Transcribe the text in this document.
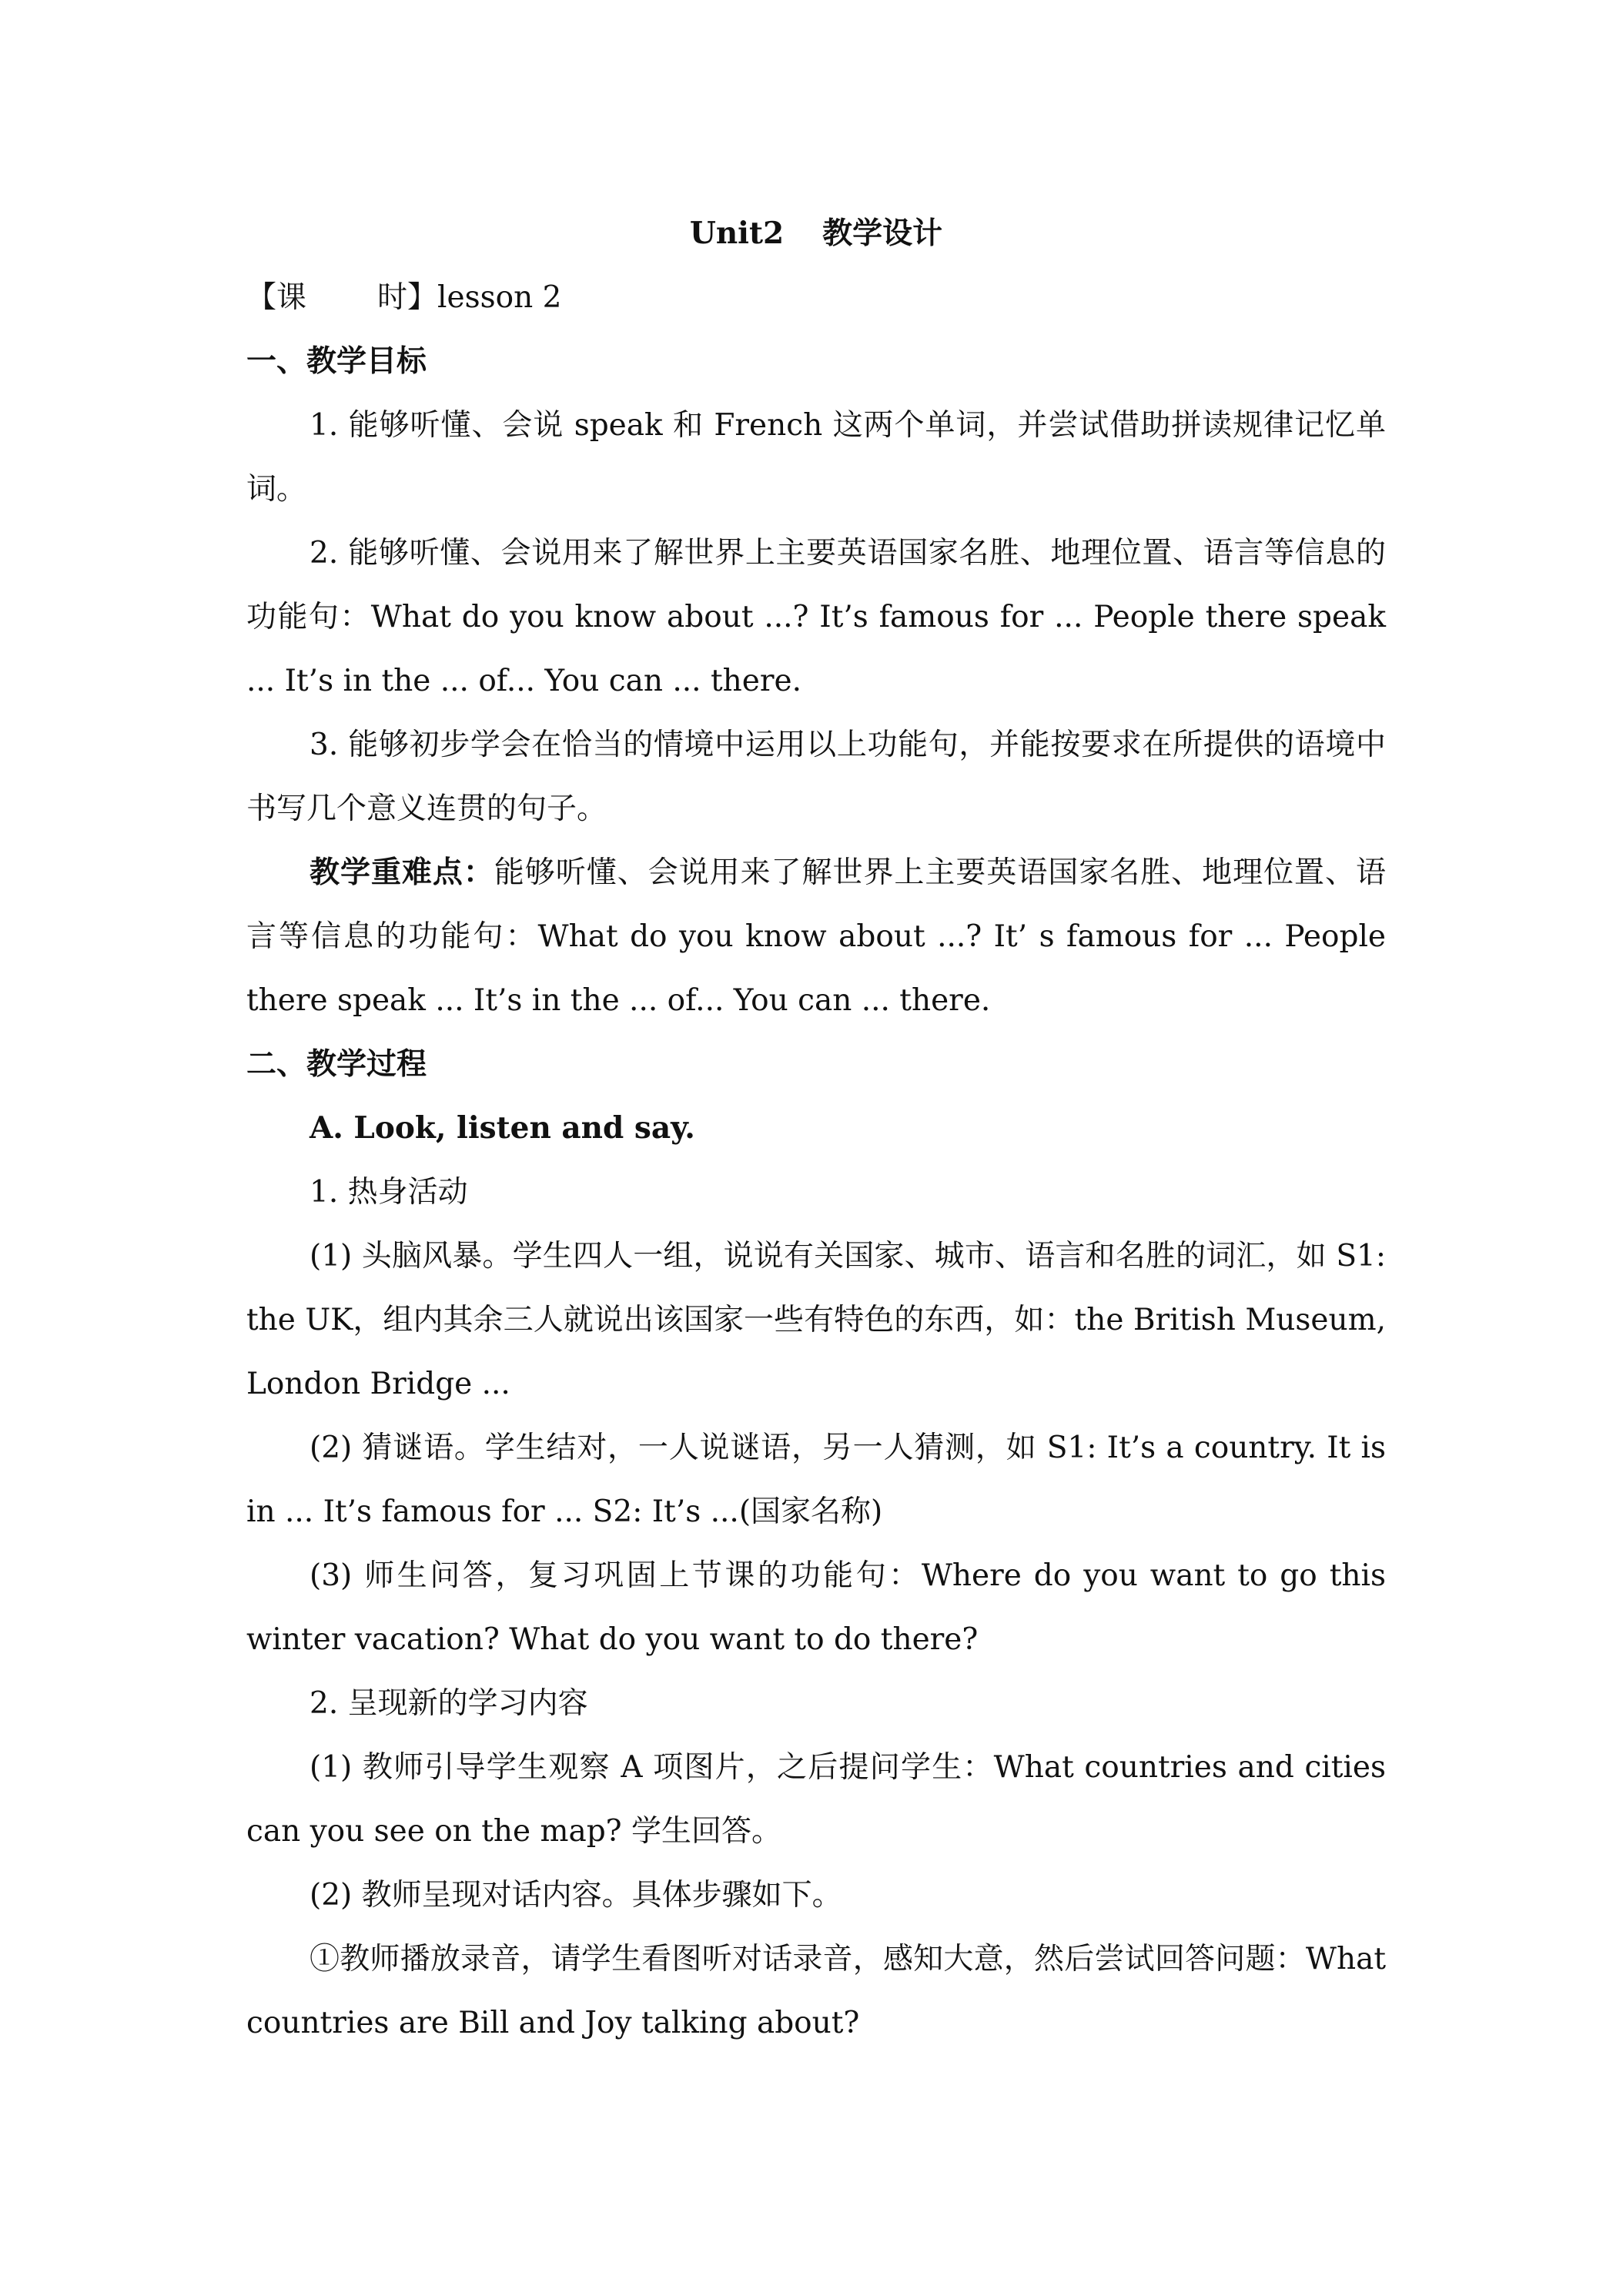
Unit2 教学设计

【课 时】lesson 2

一、教学目标

1. 能够听懂、会说 speak 和 French 这两个单词，并尝试借助拼读规律记忆单词。

2. 能够听懂、会说用来了解世界上主要英语国家名胜、地理位置、语言等信息的功能句：What do you know about ...? It’s famous for ... People there speak ... It’s in the ... of... You can ... there.

3. 能够初步学会在恰当的情境中运用以上功能句，并能按要求在所提供的语境中书写几个意义连贯的句子。

教学重难点：能够听懂、会说用来了解世界上主要英语国家名胜、地理位置、语言等信息的功能句：What do you know about ...? It’ s famous for ... People there speak ... It’s in the ... of... You can ... there.

二、教学过程

A. Look, listen and say.

1. 热身活动

(1) 头脑风暴。学生四人一组，说说有关国家、城市、语言和名胜的词汇，如 S1: the UK，组内其余三人就说出该国家一些有特色的东西，如：the British Museum, London Bridge ...

(2) 猜谜语。学生结对，一人说谜语，另一人猜测，如 S1: It’s a country. It is in ... It’s famous for ... S2: It’s ...(国家名称)

(3) 师生问答，复习巩固上节课的功能句：Where do you want to go this winter vacation? What do you want to do there?

2. 呈现新的学习内容

(1) 教师引导学生观察 A 项图片，之后提问学生：What countries and cities can you see on the map? 学生回答。

(2) 教师呈现对话内容。具体步骤如下。

①教师播放录音，请学生看图听对话录音，感知大意，然后尝试回答问题：What countries are Bill and Joy talking about?
